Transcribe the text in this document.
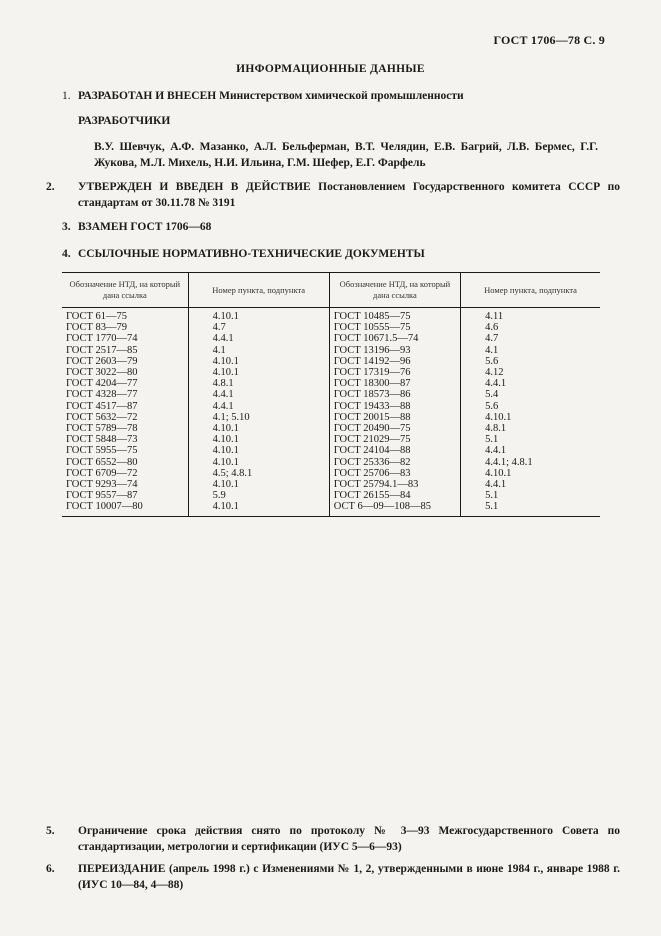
ГОСТ 1706—78 С. 9
ИНФОРМАЦИОННЫЕ ДАННЫЕ
1. РАЗРАБОТАН И ВНЕСЕН Министерством химической промышленности
РАЗРАБОТЧИКИ
В.У. Шевчук, А.Ф. Мазанко, А.Л. Бельферман, В.Т. Челядин, Е.В. Багрий, Л.В. Бермес, Г.Г. Жукова, М.Л. Михель, Н.И. Ильина, Г.М. Шефер, Е.Г. Фарфель
2. УТВЕРЖДЕН И ВВЕДЕН В ДЕЙСТВИЕ Постановлением Государственного комитета СССР по стандартам от 30.11.78 № 3191
3. ВЗАМЕН ГОСТ 1706—68
4. ССЫЛОЧНЫЕ НОРМАТИВНО-ТЕХНИЧЕСКИЕ ДОКУМЕНТЫ
Обозначение НТД, на который дана ссылка	Номер пункта, подпункта	Обозначение НТД, на который дана ссылка	Номер пункта, подпункта
ГОСТ 61—75	4.10.1	ГОСТ 10485—75	4.11
ГОСТ 83—79	4.7	ГОСТ 10555—75	4.6
ГОСТ 1770—74	4.4.1	ГОСТ 10671.5—74	4.7
ГОСТ 2517—85	4.1	ГОСТ 13196—93	4.1
ГОСТ 2603—79	4.10.1	ГОСТ 14192—96	5.6
ГОСТ 3022—80	4.10.1	ГОСТ 17319—76	4.12
ГОСТ 4204—77	4.8.1	ГОСТ 18300—87	4.4.1
ГОСТ 4328—77	4.4.1	ГОСТ 18573—86	5.4
ГОСТ 4517—87	4.4.1	ГОСТ 19433—88	5.6
ГОСТ 5632—72	4.1; 5.10	ГОСТ 20015—88	4.10.1
ГОСТ 5789—78	4.10.1	ГОСТ 20490—75	4.8.1
ГОСТ 5848—73	4.10.1	ГОСТ 21029—75	5.1
ГОСТ 5955—75	4.10.1	ГОСТ 24104—88	4.4.1
ГОСТ 6552—80	4.10.1	ГОСТ 25336—82	4.4.1; 4.8.1
ГОСТ 6709—72	4.5; 4.8.1	ГОСТ 25706—83	4.10.1
ГОСТ 9293—74	4.10.1	ГОСТ 25794.1—83	4.4.1
ГОСТ 9557—87	5.9	ГОСТ 26155—84	5.1
ГОСТ 10007—80	4.10.1	ОСТ 6—09—108—85	5.1
5. Ограничение срока действия снято по протоколу № 3—93 Межгосударственного Совета по стандартизации, метрологии и сертификации (ИУС 5—6—93)
6. ПЕРЕИЗДАНИЕ (апрель 1998 г.) с Изменениями № 1, 2, утвержденными в июне 1984 г., январе 1988 г. (ИУС 10—84, 4—88)
